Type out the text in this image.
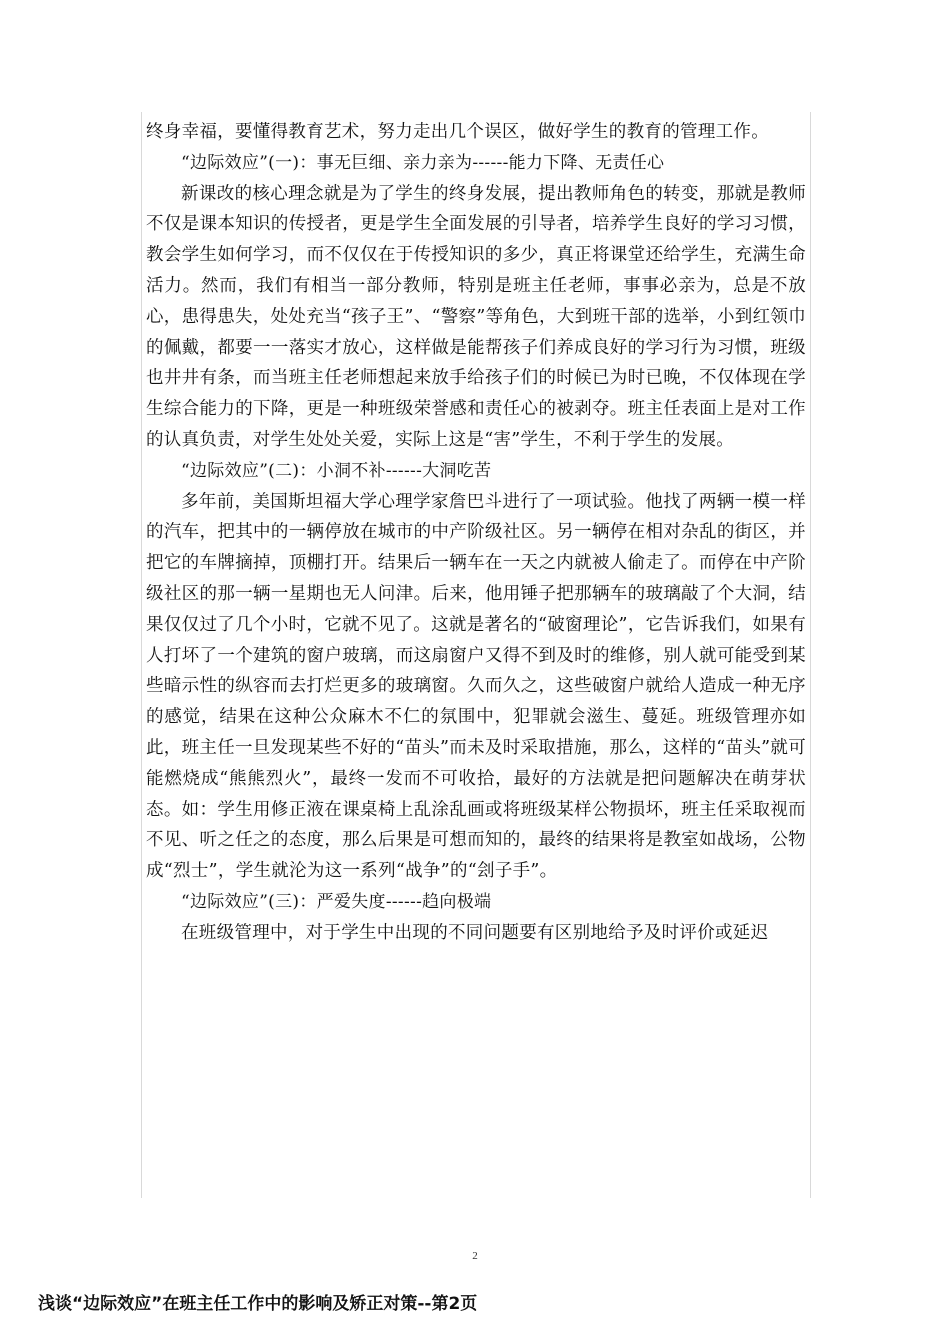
终身幸福，要懂得教育艺术，努力走出几个误区，做好学生的教育的管理工作。

“边际效应”(一)：事无巨细、亲力亲为------能力下降、无责任心

新课改的核心理念就是为了学生的终身发展，提出教师角色的转变，那就是教师不仅是课本知识的传授者，更是学生全面发展的引导者，培养学生良好的学习习惯，教会学生如何学习，而不仅仅在于传授知识的多少，真正将课堂还给学生，充满生命活力。然而，我们有相当一部分教师，特别是班主任老师，事事必亲为，总是不放心，患得患失，处处充当“孩子王”、“警察”等角色，大到班干部的选举，小到红领巾的佩戴，都要一一落实才放心，这样做是能帮孩子们养成良好的学习行为习惯，班级也井井有条，而当班主任老师想起来放手给孩子们的时候已为时已晚，不仅体现在学生综合能力的下降，更是一种班级荣誉感和责任心的被剥夺。班主任表面上是对工作的认真负责，对学生处处关爱，实际上这是“害”学生，不利于学生的发展。

“边际效应”(二)：小洞不补------大洞吃苦

多年前，美国斯坦福大学心理学家詹巴斗进行了一项试验。他找了两辆一模一样的汽车，把其中的一辆停放在城市的中产阶级社区。另一辆停在相对杂乱的街区，并把它的车牌摘掉，顶棚打开。结果后一辆车在一天之内就被人偷走了。而停在中产阶级社区的那一辆一星期也无人问津。后来，他用锤子把那辆车的玻璃敲了个大洞，结果仅仅过了几个小时，它就不见了。这就是著名的“破窗理论”，它告诉我们，如果有人打坏了一个建筑的窗户玻璃，而这扇窗户又得不到及时的维修，别人就可能受到某些暗示性的纵容而去打烂更多的玻璃窗。久而久之，这些破窗户就给人造成一种无序的感觉，结果在这种公众麻木不仁的氛围中，犯罪就会滋生、蔓延。班级管理亦如此，班主任一旦发现某些不好的“苗头”而未及时采取措施，那么，这样的“苗头”就可能燃烧成“熊熊烈火”，最终一发而不可收拾，最好的方法就是把问题解决在萌芽状态。如：学生用修正液在课桌椅上乱涂乱画或将班级某样公物损坏，班主任采取视而不见、听之任之的态度，那么后果是可想而知的，最终的结果将是教室如战场，公物成“烈士”，学生就沦为这一系列“战争”的“刽子手”。

“边际效应”(三)：严爱失度------趋向极端

在班级管理中，对于学生中出现的不同问题要有区别地给予及时评价或延迟

2
浅谈“边际效应”在班主任工作中的影响及矫正对策--第2页
